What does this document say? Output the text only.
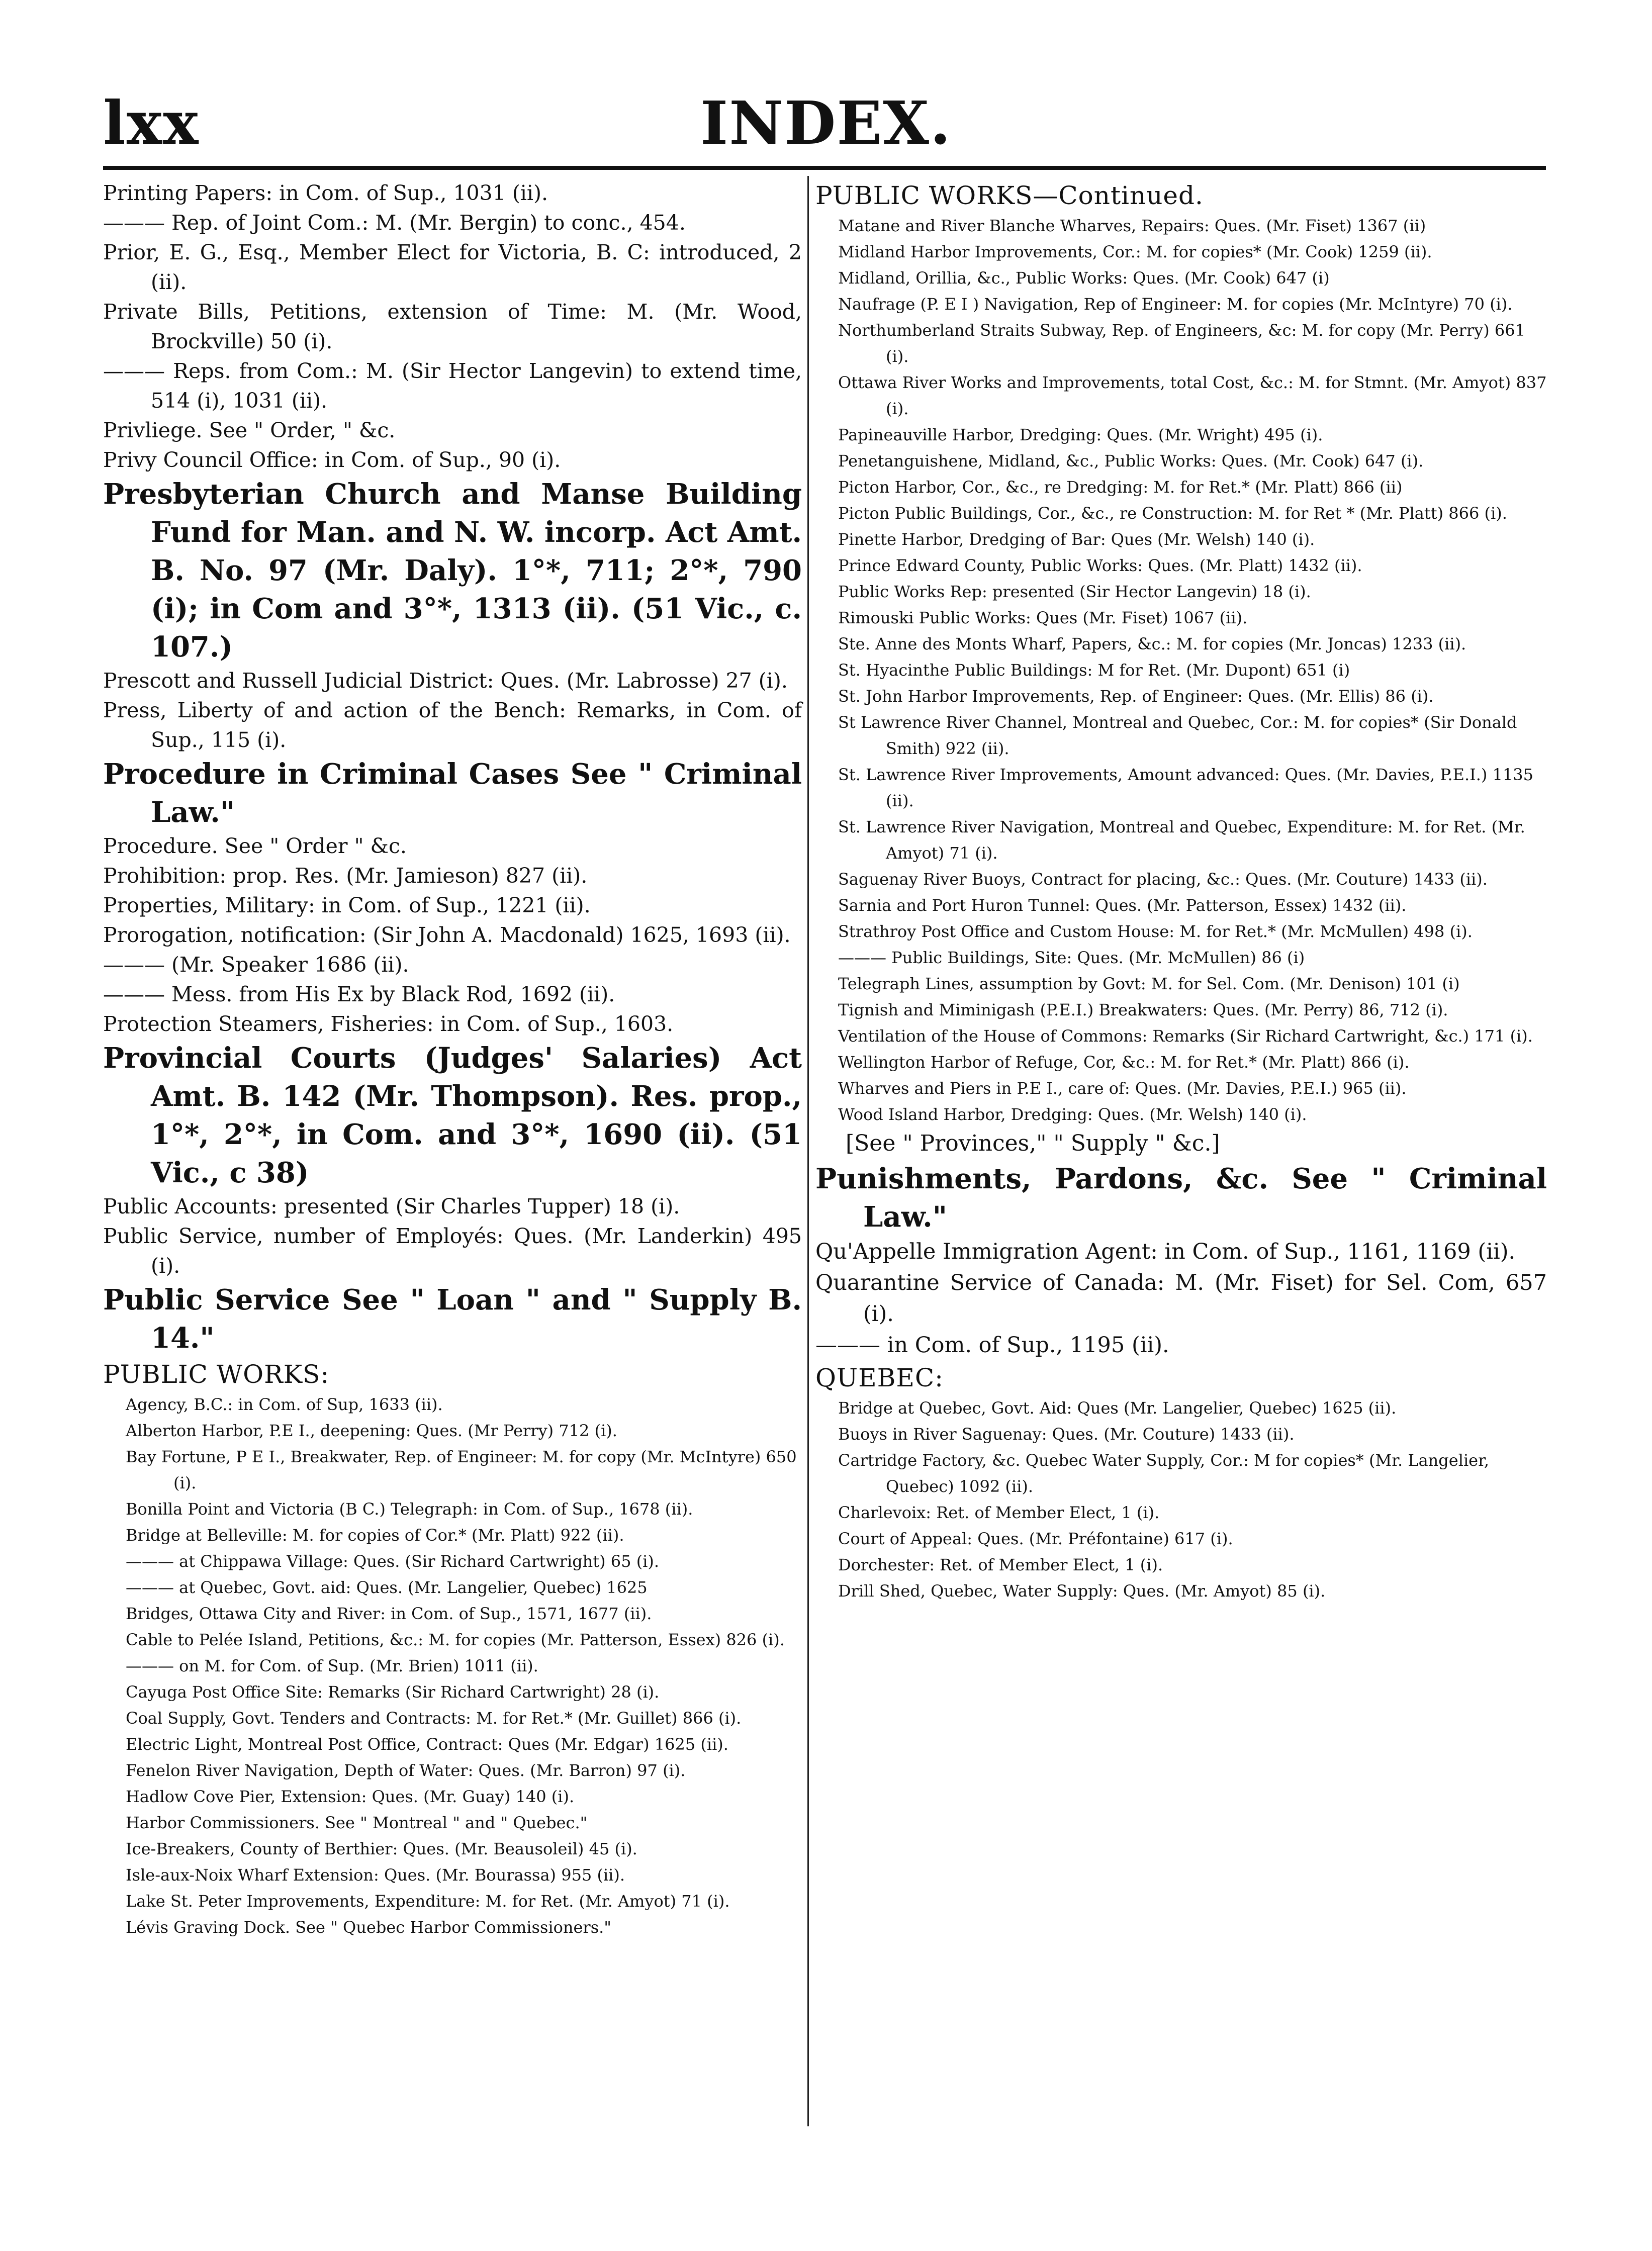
lxx	INDEX.

Printing Papers: in Com. of Sup., 1031 (ii).

——— Rep. of Joint Com.: M. (Mr. Bergin) to conc., 454.

Prior, E. G., Esq., Member Elect for Victoria, B. C: introduced, 2 (ii).

Private Bills, Petitions, extension of Time: M. (Mr. Wood, Brockville) 50 (i).

——— Reps. from Com.: M. (Sir Hector Langevin) to extend time, 514 (i), 1031 (ii).

Privliege. See " Order, " &c.

Privy Council Office: in Com. of Sup., 90 (i).

Presbyterian Church and Manse Building Fund for Man. and N. W. incorp. Act Amt. B. No. 97 (Mr. Daly). 1°*, 711; 2°*, 790 (i); in Com and 3°*, 1313 (ii). (51 Vic., c. 107.)

Prescott and Russell Judicial District: Ques. (Mr. Labrosse) 27 (i).

Press, Liberty of and action of the Bench: Remarks, in Com. of Sup., 115 (i).

Procedure in Criminal Cases See " Criminal Law."

Procedure. See " Order " &c.

Prohibition: prop. Res. (Mr. Jamieson) 827 (ii).

Properties, Military: in Com. of Sup., 1221 (ii).

Prorogation, notification: (Sir John A. Macdonald) 1625, 1693 (ii).

——— (Mr. Speaker 1686 (ii).

——— Mess. from His Ex by Black Rod, 1692 (ii).

Protection Steamers, Fisheries: in Com. of Sup., 1603.

Provincial Courts (Judges' Salaries) Act Amt. B. 142 (Mr. Thompson). Res. prop., 1°*, 2°*, in Com. and 3°*, 1690 (ii). (51 Vic., c 38)

Public Accounts: presented (Sir Charles Tupper) 18 (i).

Public Service, number of Employés: Ques. (Mr. Landerkin) 495 (i).

Public Service See " Loan " and " Supply B. 14."

PUBLIC WORKS:

Agency, B.C.: in Com. of Sup, 1633 (ii).

Alberton Harbor, P.E I., deepening: Ques. (Mr Perry) 712 (i).

Bay Fortune, P E I., Breakwater, Rep. of Engineer: M. for copy (Mr. McIntyre) 650 (i).

Bonilla Point and Victoria (B C.) Telegraph: in Com. of Sup., 1678 (ii).

Bridge at Belleville: M. for copies of Cor.* (Mr. Platt) 922 (ii).

——— at Chippawa Village: Ques. (Sir Richard Cartwright) 65 (i).

——— at Quebec, Govt. aid: Ques. (Mr. Langelier, Quebec) 1625

Bridges, Ottawa City and River: in Com. of Sup., 1571, 1677 (ii).

Cable to Pelée Island, Petitions, &c.: M. for copies (Mr. Patterson, Essex) 826 (i).

——— on M. for Com. of Sup. (Mr. Brien) 1011 (ii).

Cayuga Post Office Site: Remarks (Sir Richard Cartwright) 28 (i).

Coal Supply, Govt. Tenders and Contracts: M. for Ret.* (Mr. Guillet) 866 (i).

Electric Light, Montreal Post Office, Contract: Ques (Mr. Edgar) 1625 (ii).

Fenelon River Navigation, Depth of Water: Ques. (Mr. Barron) 97 (i).

Hadlow Cove Pier, Extension: Ques. (Mr. Guay) 140 (i).

Harbor Commissioners. See " Montreal " and " Quebec."

Ice-Breakers, County of Berthier: Ques. (Mr. Beausoleil) 45 (i).

Isle-aux-Noix Wharf Extension: Ques. (Mr. Bourassa) 955 (ii).

Lake St. Peter Improvements, Expenditure: M. for Ret. (Mr. Amyot) 71 (i).

Lévis Graving Dock. See " Quebec Harbor Commissioners."

PUBLIC WORKS—Continued.

Matane and River Blanche Wharves, Repairs: Ques. (Mr. Fiset) 1367 (ii)

Midland Harbor Improvements, Cor.: M. for copies* (Mr. Cook) 1259 (ii).

Midland, Orillia, &c., Public Works: Ques. (Mr. Cook) 647 (i)

Naufrage (P. E I ) Navigation, Rep of Engineer: M. for copies (Mr. McIntyre) 70 (i).

Northumberland Straits Subway, Rep. of Engineers, &c: M. for copy (Mr. Perry) 661 (i).

Ottawa River Works and Improvements, total Cost, &c.: M. for Stmnt. (Mr. Amyot) 837 (i).

Papineauville Harbor, Dredging: Ques. (Mr. Wright) 495 (i).

Penetanguishene, Midland, &c., Public Works: Ques. (Mr. Cook) 647 (i).

Picton Harbor, Cor., &c., re Dredging: M. for Ret.* (Mr. Platt) 866 (ii)

Picton Public Buildings, Cor., &c., re Construction: M. for Ret * (Mr. Platt) 866 (i).

Pinette Harbor, Dredging of Bar: Ques (Mr. Welsh) 140 (i).

Prince Edward County, Public Works: Ques. (Mr. Platt) 1432 (ii).

Public Works Rep: presented (Sir Hector Langevin) 18 (i).

Rimouski Public Works: Ques (Mr. Fiset) 1067 (ii).

Ste. Anne des Monts Wharf, Papers, &c.: M. for copies (Mr. Joncas) 1233 (ii).

St. Hyacinthe Public Buildings: M for Ret. (Mr. Dupont) 651 (i)

St. John Harbor Improvements, Rep. of Engineer: Ques. (Mr. Ellis) 86 (i).

St Lawrence River Channel, Montreal and Quebec, Cor.: M. for copies* (Sir Donald Smith) 922 (ii).

St. Lawrence River Improvements, Amount advanced: Ques. (Mr. Davies, P.E.I.) 1135 (ii).

St. Lawrence River Navigation, Montreal and Quebec, Expenditure: M. for Ret. (Mr. Amyot) 71 (i).

Saguenay River Buoys, Contract for placing, &c.: Ques. (Mr. Couture) 1433 (ii).

Sarnia and Port Huron Tunnel: Ques. (Mr. Patterson, Essex) 1432 (ii).

Strathroy Post Office and Custom House: M. for Ret.* (Mr. McMullen) 498 (i).

——— Public Buildings, Site: Ques. (Mr. McMullen) 86 (i)

Telegraph Lines, assumption by Govt: M. for Sel. Com. (Mr. Denison) 101 (i)

Tignish and Miminigash (P.E.I.) Breakwaters: Ques. (Mr. Perry) 86, 712 (i).

Ventilation of the House of Commons: Remarks (Sir Richard Cartwright, &c.) 171 (i).

Wellington Harbor of Refuge, Cor, &c.: M. for Ret.* (Mr. Platt) 866 (i).

Wharves and Piers in P.E I., care of: Ques. (Mr. Davies, P.E.I.) 965 (ii).

Wood Island Harbor, Dredging: Ques. (Mr. Welsh) 140 (i).

[See " Provinces," " Supply " &c.]

Punishments, Pardons, &c. See " Criminal Law."

Qu'Appelle Immigration Agent: in Com. of Sup., 1161, 1169 (ii).

Quarantine Service of Canada: M. (Mr. Fiset) for Sel. Com, 657 (i).

——— in Com. of Sup., 1195 (ii).

QUEBEC:

Bridge at Quebec, Govt. Aid: Ques (Mr. Langelier, Quebec) 1625 (ii).

Buoys in River Saguenay: Ques. (Mr. Couture) 1433 (ii).

Cartridge Factory, &c. Quebec Water Supply, Cor.: M for copies* (Mr. Langelier, Quebec) 1092 (ii).

Charlevoix: Ret. of Member Elect, 1 (i).

Court of Appeal: Ques. (Mr. Préfontaine) 617 (i).

Dorchester: Ret. of Member Elect, 1 (i).

Drill Shed, Quebec, Water Supply: Ques. (Mr. Amyot) 85 (i).
